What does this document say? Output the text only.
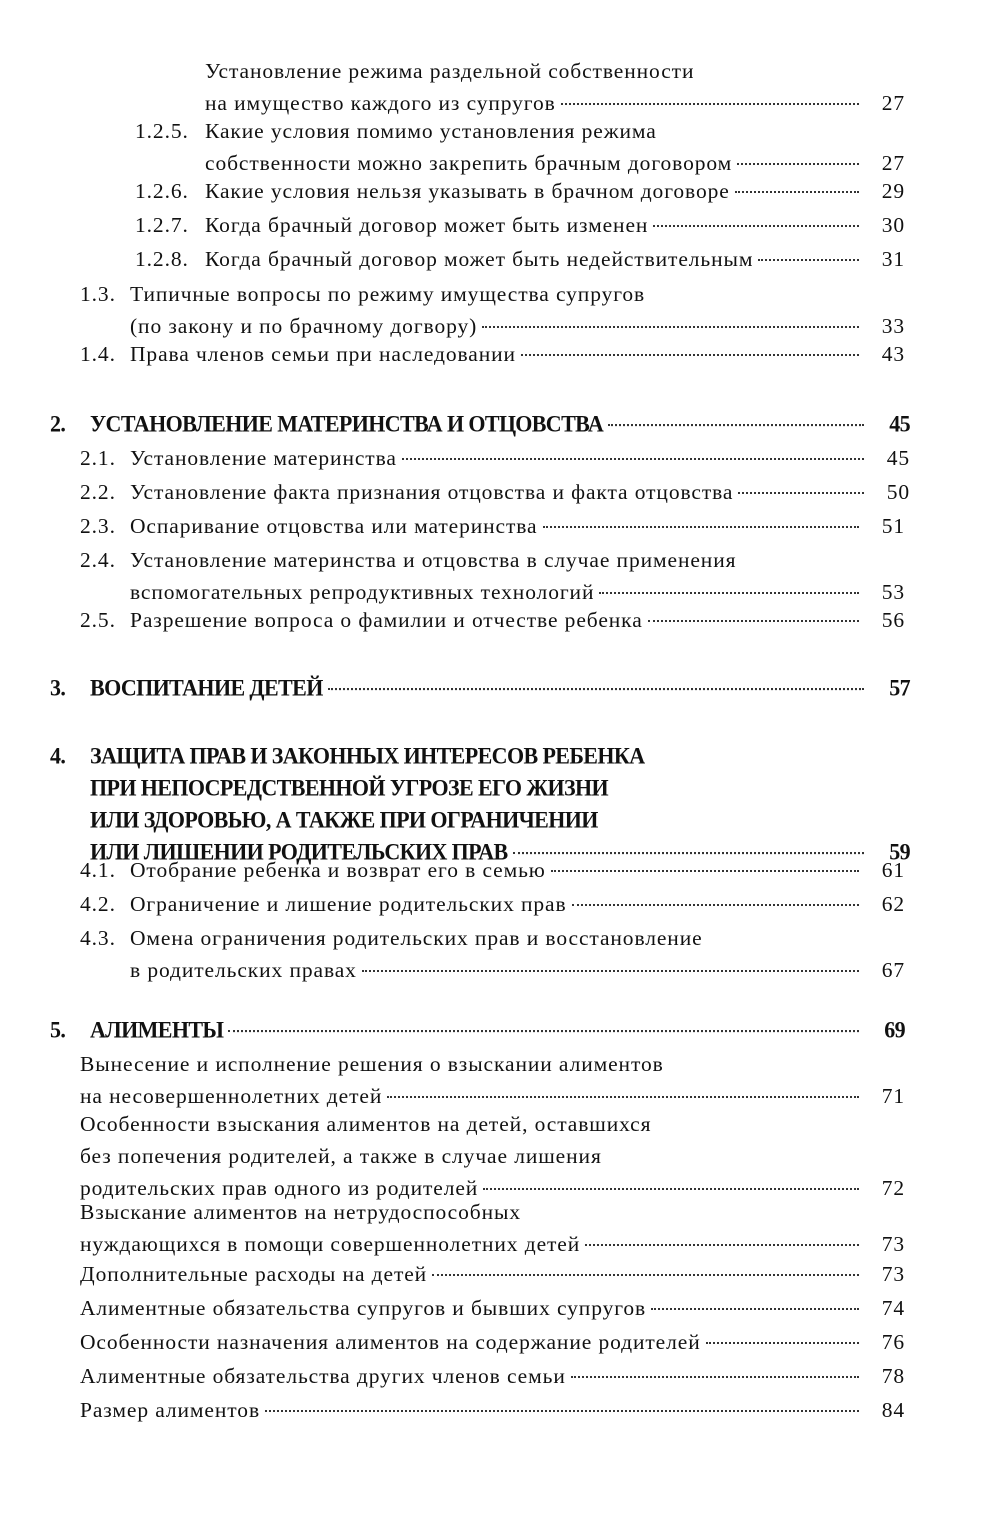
Установление режима раздельной собственности
на имущество каждого из супругов	27
1.2.5. Какие условия помимо установления режима
собственности можно закрепить брачным договором	27
1.2.6. Какие условия нельзя указывать в брачном договоре	29
1.2.7. Когда брачный договор может быть изменен	30
1.2.8. Когда брачный договор может быть недействительным	31
1.3. Типичные вопросы по режиму имущества супругов
(по закону и по брачному догвору)	33
1.4. Права членов семьи при наследовании	43
2. УСТАНОВЛЕНИЕ МАТЕРИНСТВА И ОТЦОВСТВА	45
2.1. Установление материнства	45
2.2. Установление факта признания отцовства и факта отцовства	50
2.3. Оспаривание отцовства или материнства	51
2.4. Установление материнства и отцовства в случае применения
вспомогательных репродуктивных технологий	53
2.5. Разрешение вопроса о фамилии и отчестве ребенка	56
3. ВОСПИТАНИЕ ДЕТЕЙ	57
4. ЗАЩИТА ПРАВ И ЗАКОННЫХ ИНТЕРЕСОВ РЕБЕНКА
ПРИ НЕПОСРЕДСТВЕННОЙ УГРОЗЕ ЕГО ЖИЗНИ
ИЛИ ЗДОРОВЬЮ, А ТАКЖЕ ПРИ ОГРАНИЧЕНИИ
ИЛИ ЛИШЕНИИ РОДИТЕЛЬСКИХ ПРАВ	59
4.1. Отобрание ребенка и возврат его в семью	61
4.2. Ограничение и лишение родительских прав	62
4.3. Омена ограничения родительских прав и восстановление
в родительских правах	67
5. АЛИМЕНТЫ	69
Вынесение и исполнение решения о взыскании алиментов
на несовершеннолетних детей	71
Особенности взыскания алиментов на детей, оставшихся
без попечения родителей, а также в случае лишения
родительских прав одного из родителей	72
Взыскание алиментов на нетрудоспособных
нуждающихся в помощи совершеннолетних детей	73
Дополнительные расходы на детей	73
Алиментные обязательства супругов и бывших супругов	74
Особенности назначения алиментов на содержание родителей	76
Алиментные обязательства других членов семьи	78
Размер алиментов	84
